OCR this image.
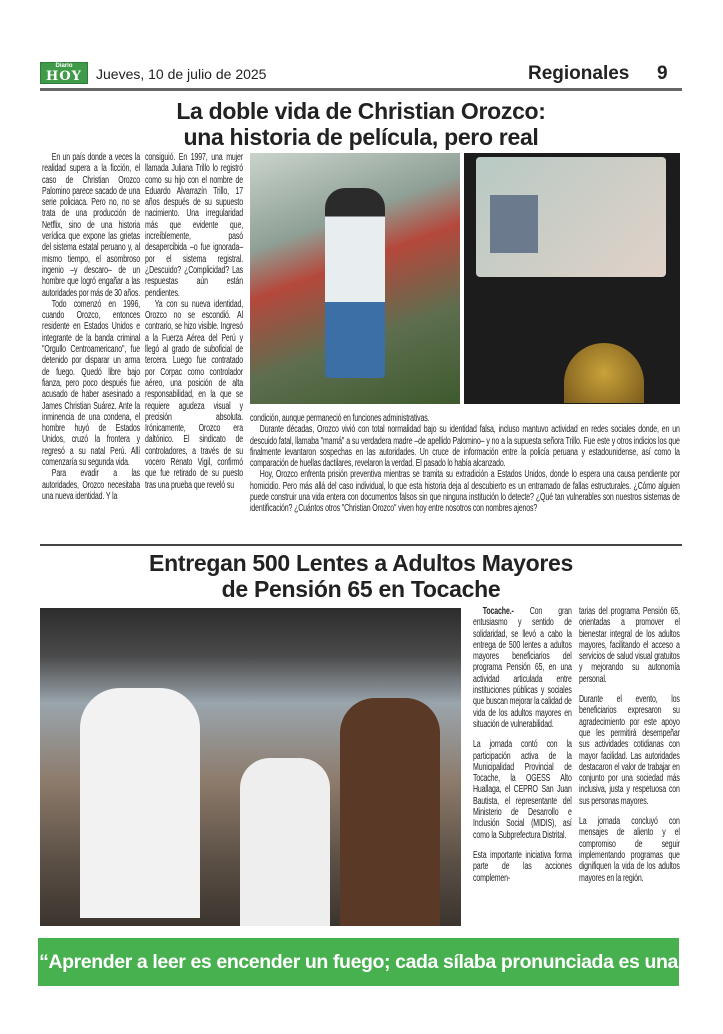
Diario
HOY	Jueves, 10 de julio de 2025	Regionales 9
La doble vida de Christian Orozco:
una historia de película, pero real

En un país donde a veces la realidad supera a la ficción, el caso de Christian Orozco Palomino parece sacado de una serie policiaca. Pero no, no se trata de una producción de Netflix, sino de una historia verídica que expone las grietas del sistema estatal peruano y, al mismo tiempo, el asombroso ingenio –y descaro– de un hombre que logró engañar a las autoridades por más de 30 años.

Todo comenzó en 1996, cuando Orozco, entonces residente en Estados Unidos e integrante de la banda criminal "Orgullo Centroamericano", fue detenido por disparar un arma de fuego. Quedó libre bajo fianza, pero poco después fue acusado de haber asesinado a James Christian Suárez. Ante la inminencia de una condena, el hombre huyó de Estados Unidos, cruzó la frontera y regresó a su natal Perú. Allí comenzaría su segunda vida.

Para evadir a las autoridades, Orozco necesitaba una nueva identidad. Y la

consiguió. En 1997, una mujer llamada Juliana Trillo lo registró como su hijo con el nombre de Eduardo Alvarrazín Trillo, 17 años después de su supuesto nacimiento. Una irregularidad más que evidente que, increíblemente, pasó desapercibida –o fue ignorada– por el sistema registral. ¿Descuido? ¿Complicidad? Las respuestas aún están pendientes.

Ya con su nueva identidad, Orozco no se escondió. Al contrario, se hizo visible. Ingresó a la Fuerza Aérea del Perú y llegó al grado de suboficial de tercera. Luego fue contratado por Corpac como controlador aéreo, una posición de alta responsabilidad, en la que se requiere agudeza visual y precisión absoluta. Irónicamente, Orozco era daltónico. El sindicato de controladores, a través de su vocero Renato Vigil, confirmó que fue retirado de su puesto tras una prueba que reveló su

condición, aunque permaneció en funciones administrativas.

Durante décadas, Orozco vivió con total normalidad bajo su identidad falsa, incluso mantuvo actividad en redes sociales donde, en un descuido fatal, llamaba "mamá" a su verdadera madre –de apellido Palomino– y no a la supuesta señora Trillo. Fue este y otros indicios los que finalmente levantaron sospechas en las autoridades. Un cruce de información entre la policía peruana y estadounidense, así como la comparación de huellas dactilares, revelaron la verdad. El pasado lo había alcanzado.

Hoy, Orozco enfrenta prisión preventiva mientras se tramita su extradición a Estados Unidos, donde lo espera una causa pendiente por homicidio. Pero más allá del caso individual, lo que esta historia deja al descubierto es un entramado de fallas estructurales. ¿Cómo alguien puede construir una vida entera con documentos falsos sin que ninguna institución lo detecte? ¿Qué tan vulnerables son nuestros sistemas de identificación? ¿Cuántos otros "Christian Orozco" viven hoy entre nosotros con nombres ajenos?

Entregan 500 Lentes a Adultos Mayores
de Pensión 65 en Tocache

Tocache.- Con gran entusiasmo y sentido de solidaridad, se llevó a cabo la entrega de 500 lentes a adultos mayores beneficiarios del programa Pensión 65, en una actividad articulada entre instituciones públicas y sociales que buscan mejorar la calidad de vida de los adultos mayores en situación de vulnerabilidad.

La jornada contó con la participación activa de la Municipalidad Provincial de Tocache, la OGESS Alto Huallaga, el CEPRO San Juan Bautista, el representante del Ministerio de Desarrollo e Inclusión Social (MIDIS), así como la Subprefectura Distrital.

Esta importante iniciativa forma parte de las acciones complemen-

tarias del programa Pensión 65, orientadas a promover el bienestar integral de los adultos mayores, facilitando el acceso a servicios de salud visual gratuitos y mejorando su autonomía personal.

Durante el evento, los beneficiarios expresaron su agradecimiento por este apoyo que les permitirá desempeñar sus actividades cotidianas con mayor facilidad. Las autoridades destacaron el valor de trabajar en conjunto por una sociedad más inclusiva, justa y respetuosa con sus personas mayores.

La jornada concluyó con mensajes de aliento y el compromiso de seguir implementando programas que dignifiquen la vida de los adultos mayores en la región.

“Aprender a leer es encender un fuego; cada sílaba pronunciada es una chispa”.
